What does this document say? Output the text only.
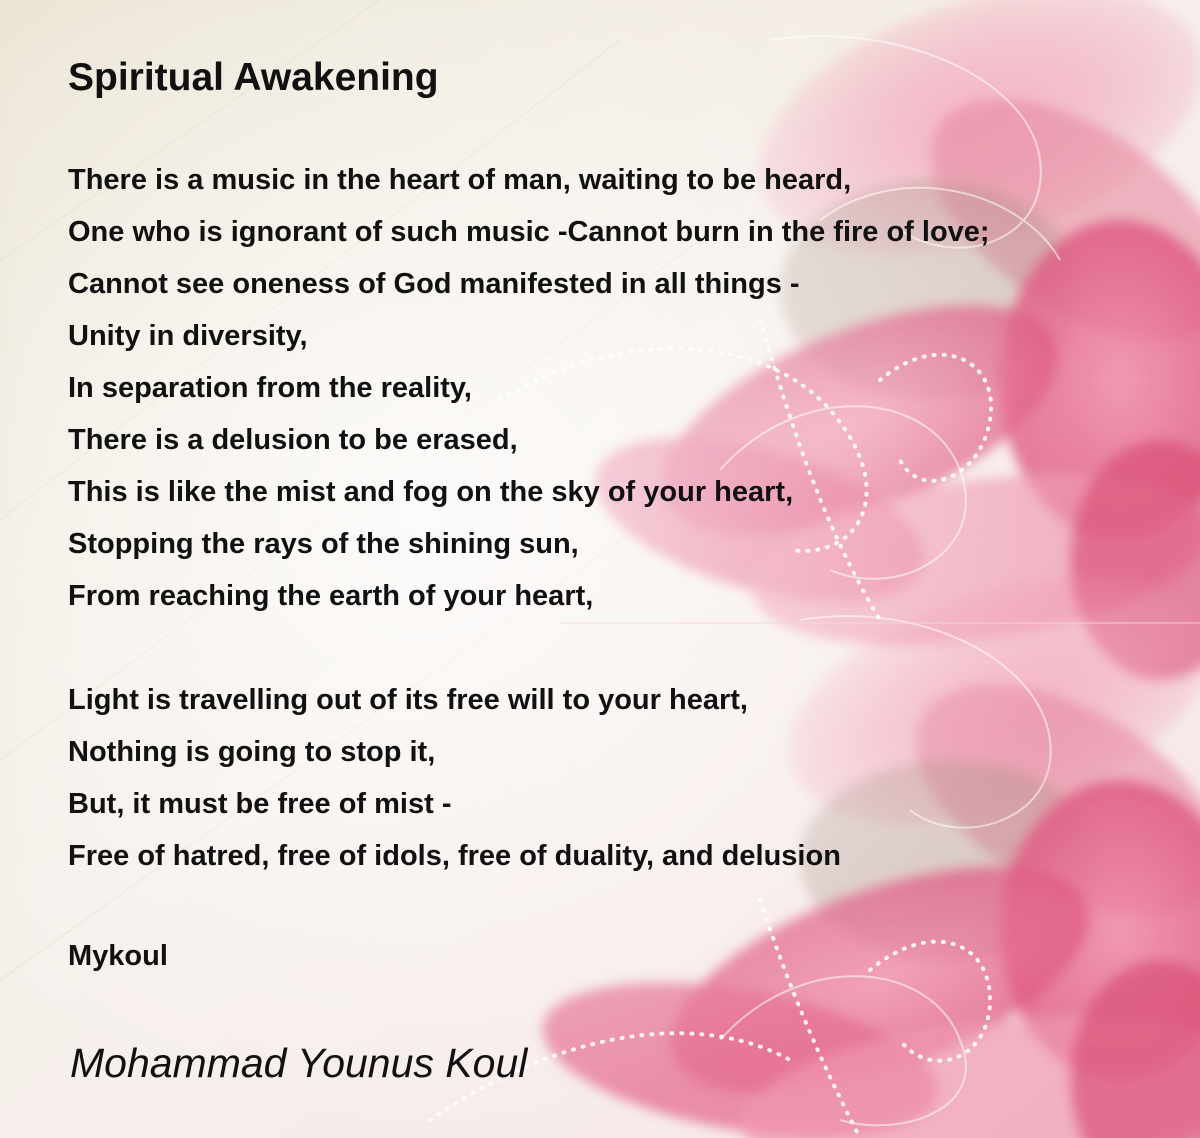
Spiritual Awakening
There is a music in the heart of man, waiting to be heard,
One who is ignorant of such music -Cannot burn in the fire of love;
Cannot see oneness of God manifested in all things -
Unity in diversity,
In separation from the reality,
There is a delusion to be erased,
This is like the mist and fog on the sky of your heart,
Stopping the rays of the shining sun,
From reaching the earth of your heart,
Light is travelling out of its free will to your heart,
Nothing is going to stop it,
But, it must be free of mist -
Free of hatred, free of idols, free of duality, and delusion
Mykoul
Mohammad Younus Koul
